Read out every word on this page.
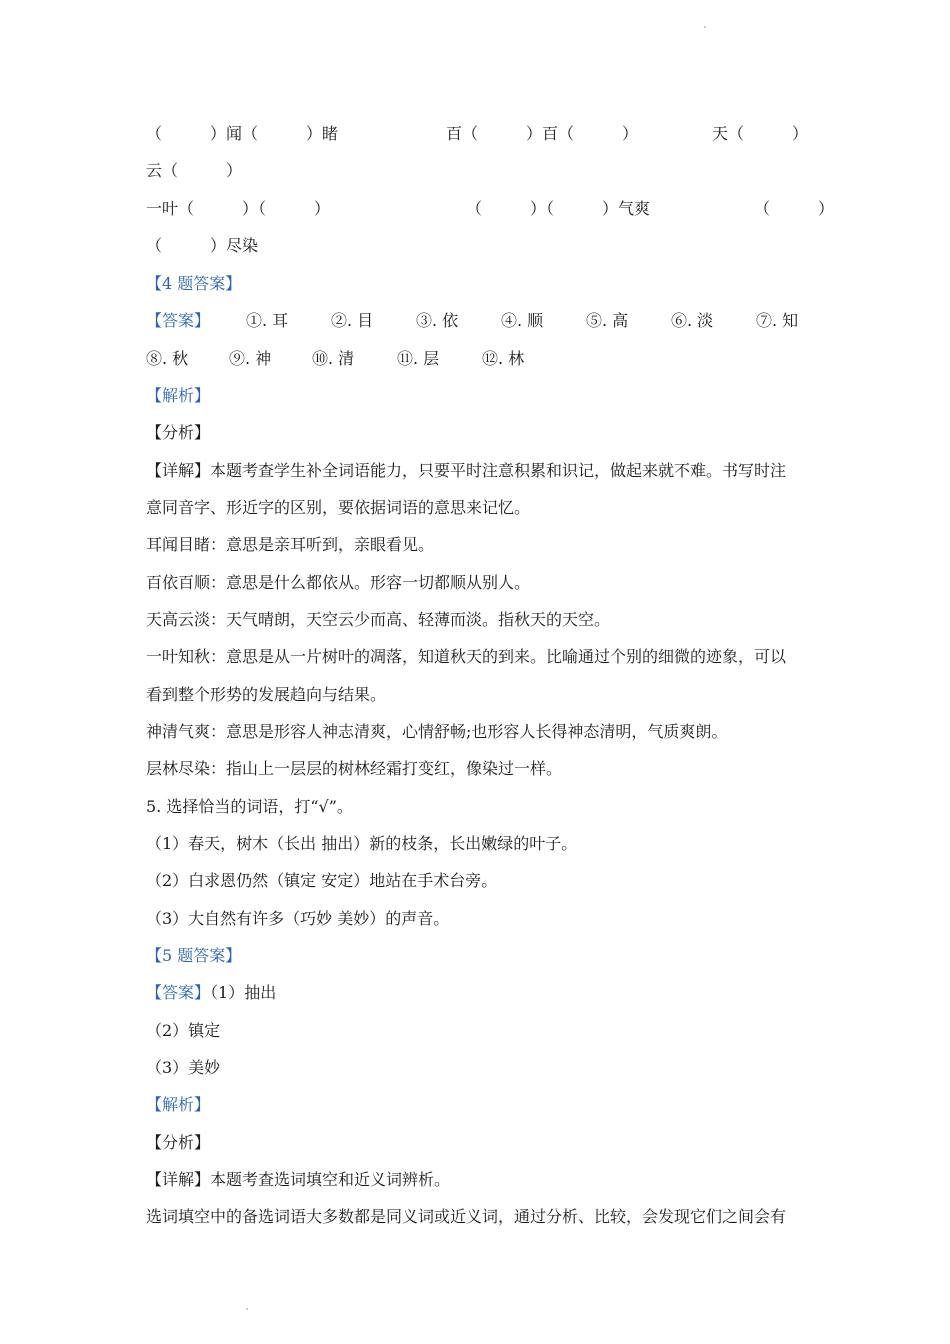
（　　　）闻（　　　）睹	百（　　　）百（　　　）	天（　　　）
云（　　　）
一叶（　　　）（　　　）	（　　　）（　　　）气爽	（　　　）
（　　　）尽染
【4 题答案】
【答案】 ①. 耳	②. 目	③. 依	④. 顺	⑤. 高	⑥. 淡	⑦. 知
⑧. 秋	⑨. 神	⑩. 清	⑪. 层	⑫. 林
【解析】
【分析】
【详解】本题考查学生补全词语能力，只要平时注意积累和识记，做起来就不难。书写时注
意同音字、形近字的区别，要依据词语的意思来记忆。
耳闻目睹：意思是亲耳听到，亲眼看见。
百依百顺：意思是什么都依从。形容一切都顺从别人。
天高云淡：天气晴朗，天空云少而高、轻薄而淡。指秋天的天空。
一叶知秋：意思是从一片树叶的凋落，知道秋天的到来。比喻通过个别的细微的迹象，可以
看到整个形势的发展趋向与结果。
神清气爽：意思是形容人神志清爽，心情舒畅;也形容人长得神态清明，气质爽朗。
层林尽染：指山上一层层的树林经霜打变红，像染过一样。
5. 选择恰当的词语，打“√”。
（1）春天，树木（长出 抽出）新的枝条，长出嫩绿的叶子。
（2）白求恩仍然（镇定 安定）地站在手术台旁。
（3）大自然有许多（巧妙 美妙）的声音。
【5 题答案】
【答案】（1）抽出
（2）镇定
（3）美妙
【解析】
【分析】
【详解】本题考查选词填空和近义词辨析。
选词填空中的备选词语大多数都是同义词或近义词，通过分析、比较，会发现它们之间会有
